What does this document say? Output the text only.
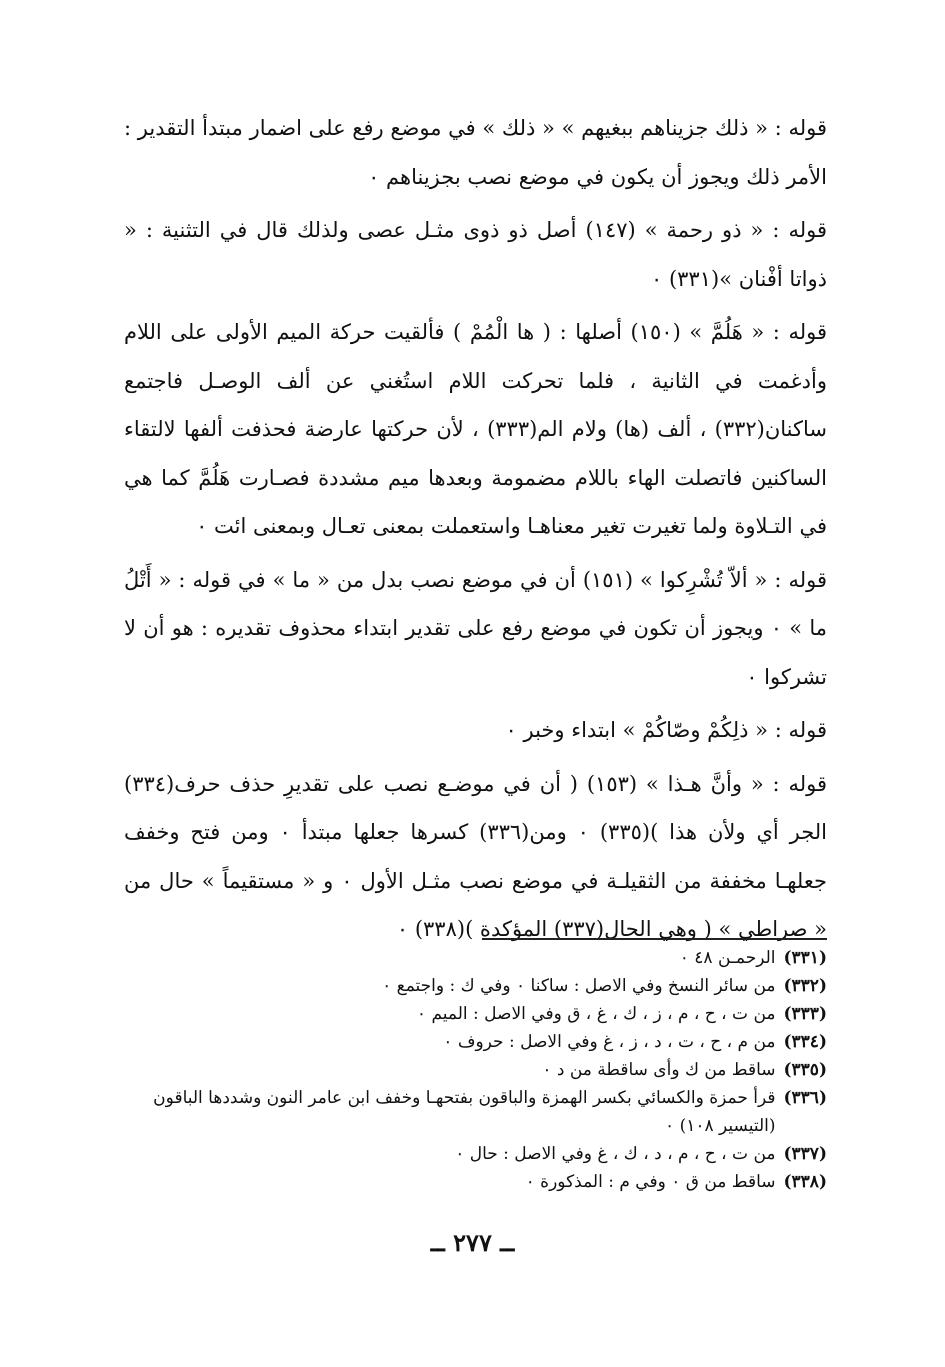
قوله : « ذلك جزيناهم ببغيهم » « ذلك » في موضع رفع على اضمار مبتدأ التقدير : الأمر ذلك ويجوز أن يكون في موضع نصب بجزيناهم ٠

قوله : « ذو رحمة » (١٤٧) أصل ذو ذوى مثـل عصى ولذلك قال في التثنية : « ذواتا أفْنان »(٣٣١) ٠

قوله : « هَلُمَّ » (١٥٠) أصلها : ( ها الْمُمْ ) فألقيت حركة الميم الأولى على اللام وأدغمت في الثانية ، فلما تحركت اللام استُغني عن ألف الوصـل فاجتمع ساكنان(٣٣٢) ، ألف (ها) ولام الم(٣٣٣) ، لأن حركتها عارضة فحذفت ألفها لالتقاء الساكنين فاتصلت الهاء باللام مضمومة وبعدها ميم مشددة فصـارت هَلُمَّ كما هي في التـلاوة ولما تغيرت تغير معناهـا واستعملت بمعنى تعـال وبمعنى ائت ٠

قوله : « ألاّ تُشْرِكوا » (١٥١) أن في موضع نصب بدل من « ما » في قوله : « أَتْلُ ما » ٠ ويجوز أن تكون في موضع رفع على تقدير ابتداء محذوف تقديره : هو أن لا تشركوا ٠

قوله : « ذلِكُمْ وصّاكُمْ » ابتداء وخبر ٠

قوله : « وأنَّ هـذا » (١٥٣) ( أن في موضـع نصب على تقديرِ حذف حرف(٣٣٤) الجر أي ولأن هذا )(٣٣٥) ٠ ومن(٣٣٦) كسرها جعلها مبتدأ ٠ ومن فتح وخفف جعلهـا مخففة من الثقيلـة في موضع نصب مثـل الأول ٠ و « مستقيماً » حال من « صراطي » ( وهي الحال(٣٣٧) المؤكدة )(٣٣٨) ٠

(٣٣١)
الرحمـن ٤٨ ٠
(٣٣٢)
من سائر النسخ وفي الاصل : ساكنا ٠ وفي ك : واجتمع ٠
(٣٣٣)
من ت ، ح ، م ، ز ، ك ، غ ، ق وفي الاصل : الميم ٠
(٣٣٤)
من م ، ح ، ت ، د ، ز ، غ وفي الاصل : حروف ٠
(٣٣٥)
ساقط من ك وأى ساقطة من د ٠
(٣٣٦)
قرأ حمزة والكسائي بكسر الهمزة والباقون بفتحهـا وخفف ابن عامر النون وشددها الباقون (التيسير ١٠٨) ٠
(٣٣٧)
من ت ، ح ، م ، د ، ك ، غ وفي الاصل : حال ٠
(٣٣٨)
ساقط من ق ٠ وفي م : المذكورة ٠
ــ ٢٧٧ ــ
